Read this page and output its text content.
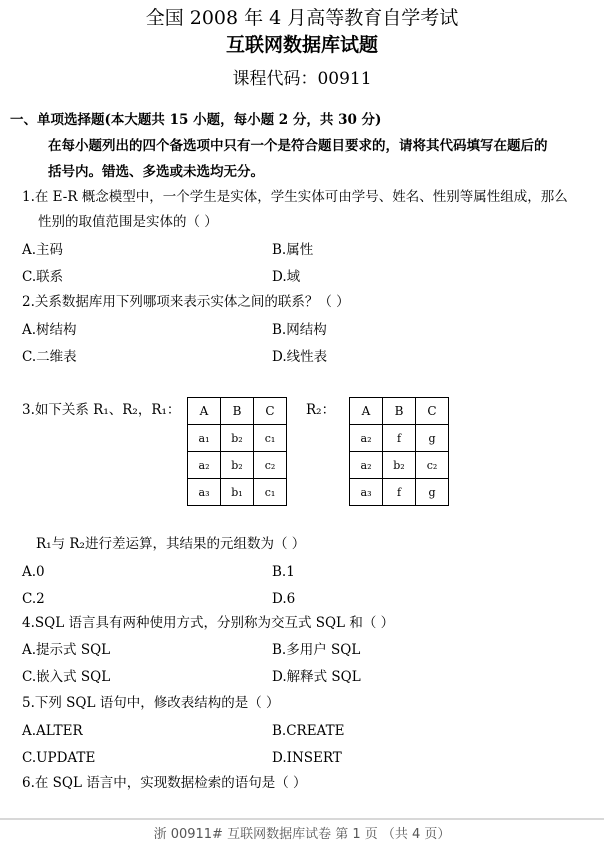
全国 2008 年 4 月高等教育自学考试
互联网数据库试题
课程代码：00911
一、单项选择题(本大题共 15 小题，每小题 2 分，共 30 分)
在每小题列出的四个备选项中只有一个是符合题目要求的，请将其代码填写在题后的
括号内。错选、多选或未选均无分。
1.在 E-R 概念模型中，一个学生是实体，学生实体可由学号、姓名、性别等属性组成，那么
性别的取值范围是实体的（ ）
A.主码	B.属性
C.联系	D.域
2.关系数据库用下列哪项来表示实体之间的联系？（ ）
A.树结构	B.网结构
C.二维表	D.线性表
3.如下关系 R₁、R₂，R₁： A	B	C
a₁	b₂	c₁
a₂	b₂	c₂
a₃	b₁	c₁
R₂： A	B	C
a₂	f	g
a₂	b₂	c₂
a₃	f	g
R₁与 R₂进行差运算，其结果的元组数为（ ）
A.0	B.1
C.2	D.6
4.SQL 语言具有两种使用方式，分别称为交互式 SQL 和（ ）
A.提示式 SQL	B.多用户 SQL
C.嵌入式 SQL	D.解释式 SQL
5.下列 SQL 语句中，修改表结构的是（ ）
A.ALTER	B.CREATE
C.UPDATE	D.INSERT
6.在 SQL 语言中，实现数据检索的语句是（ ）
浙 00911# 互联网数据库试卷 第 1 页 （共 4 页）
